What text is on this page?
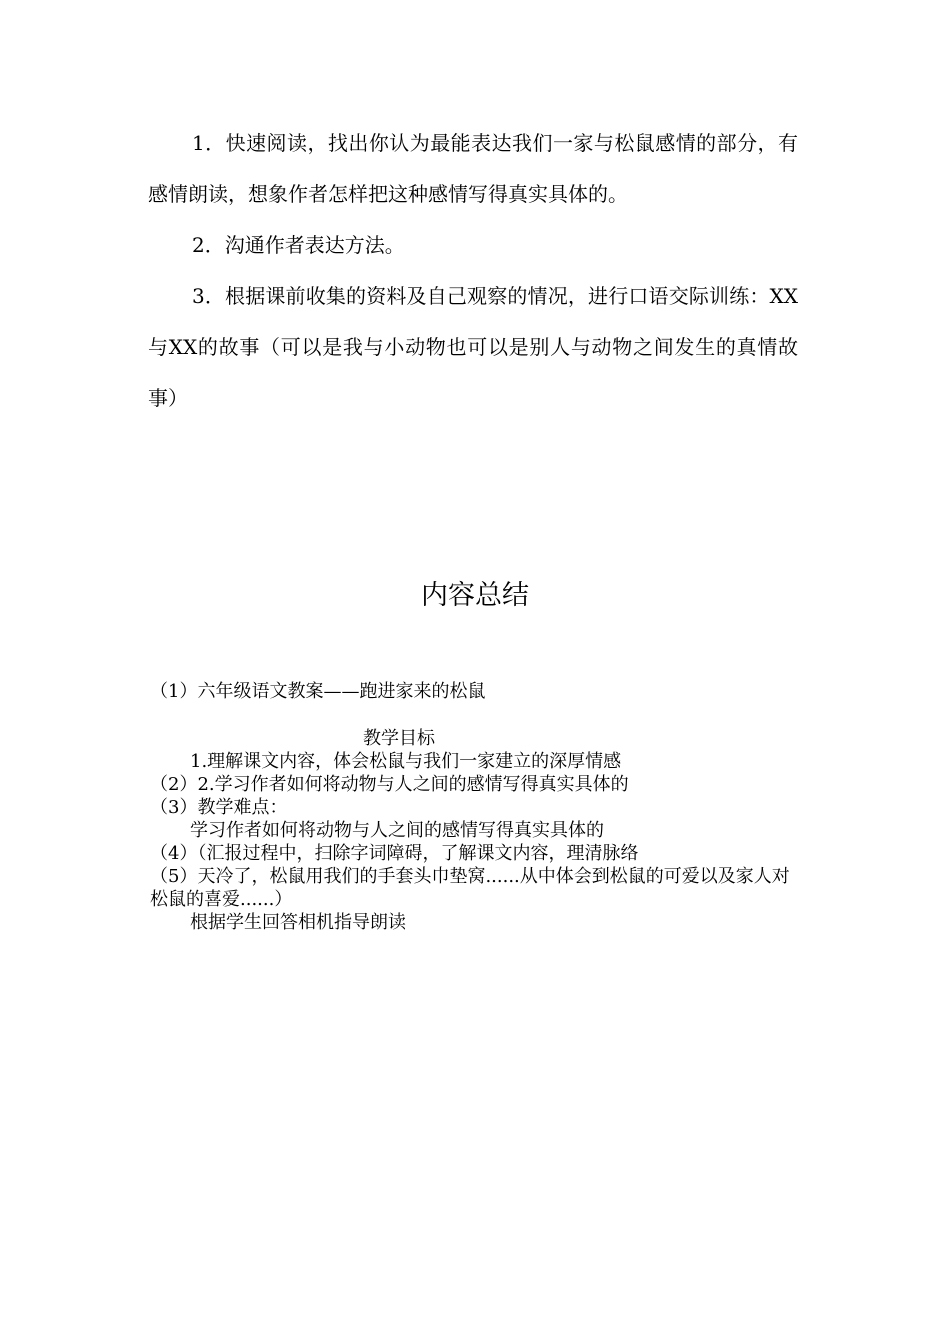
1．快速阅读，找出你认为最能表达我们一家与松鼠感情的部分，有感情朗读，想象作者怎样把这种感情写得真实具体的。

2．沟通作者表达方法。

3．根据课前收集的资料及自己观察的情况，进行口语交际训练：XX与XX的故事（可以是我与小动物也可以是别人与动物之间发生的真情故事）

内容总结

（1）六年级语文教案——跑进家来的松鼠

教学目标

1.理解课文内容，体会松鼠与我们一家建立的深厚情感

（2）2.学习作者如何将动物与人之间的感情写得真实具体的

（3）教学难点：

学习作者如何将动物与人之间的感情写得真实具体的

（4）（汇报过程中，扫除字词障碍，了解课文内容，理清脉络

（5）天冷了，松鼠用我们的手套头巾垫窝......从中体会到松鼠的可爱以及家人对松鼠的喜爱......）

根据学生回答相机指导朗读
